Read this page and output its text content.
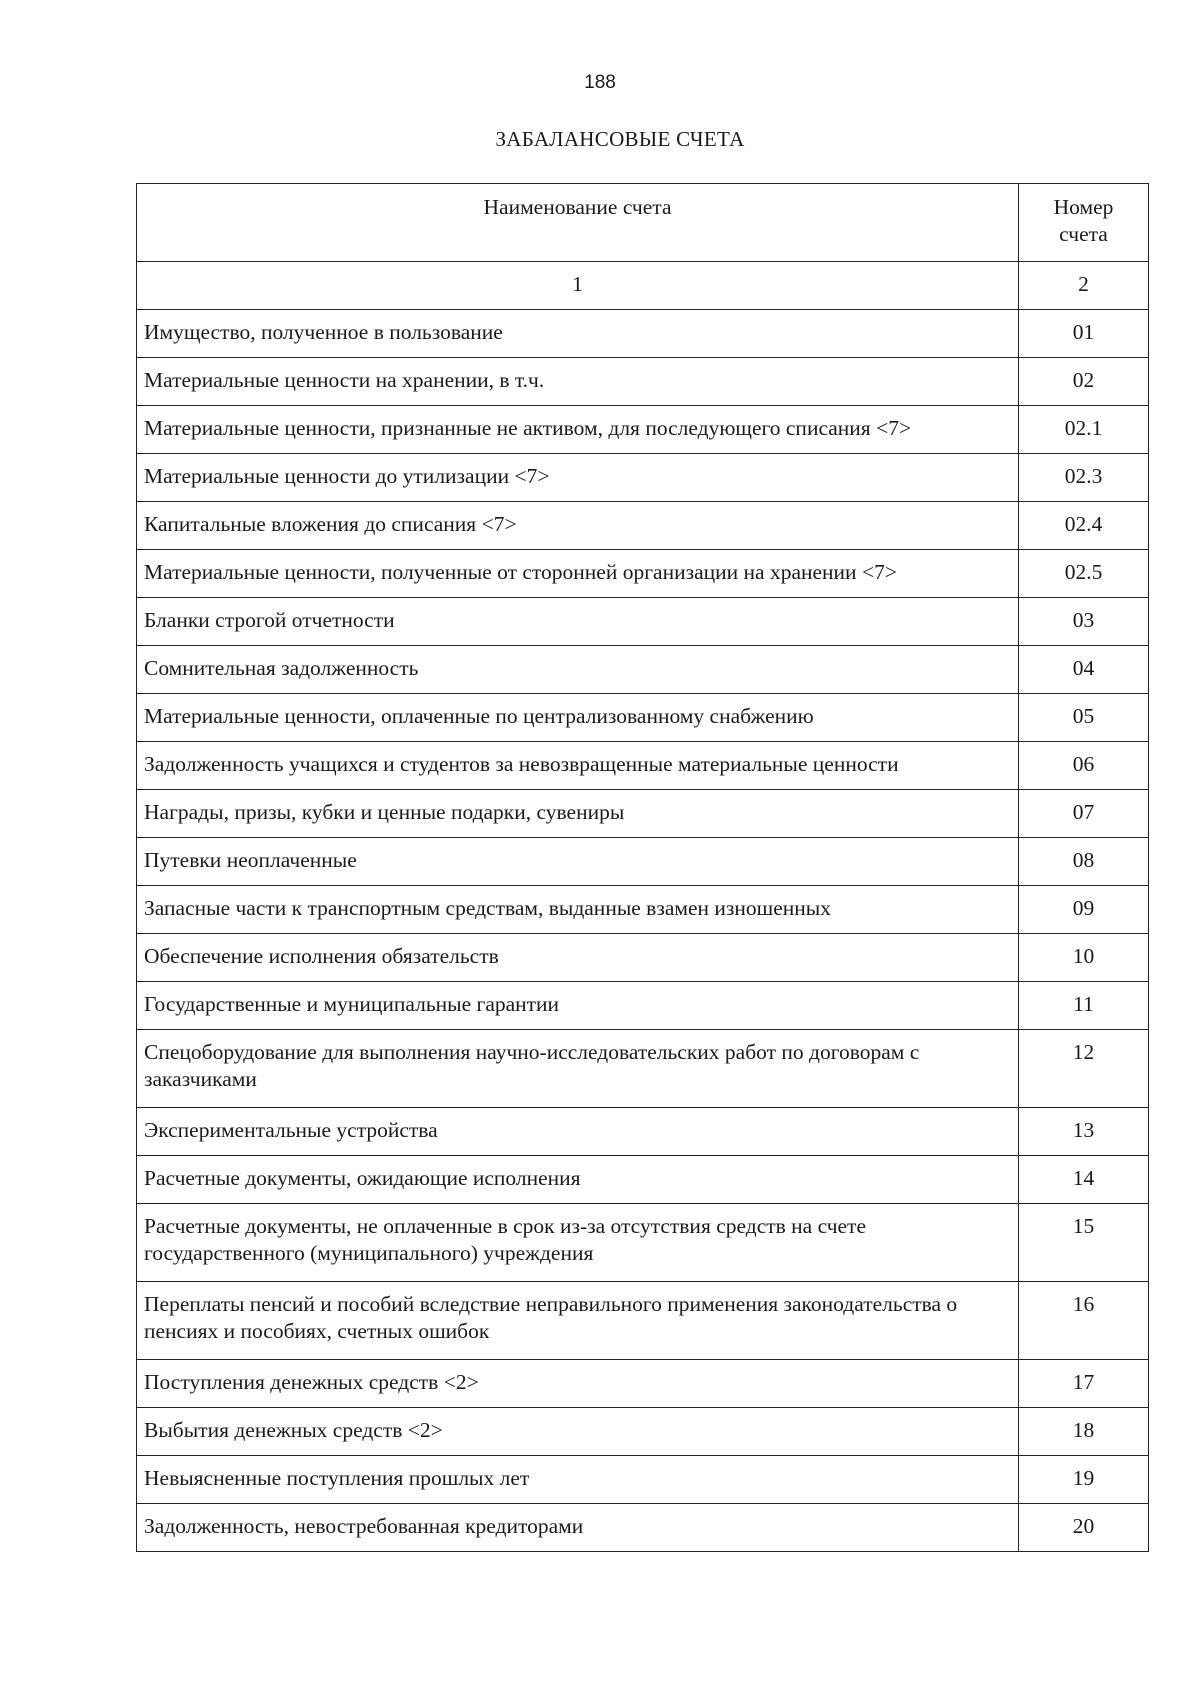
188
ЗАБАЛАНСОВЫЕ СЧЕТА
Наименование счета	Номер
счета

1	2
Имущество, полученное в пользование	01
Материальные ценности на хранении, в т.ч.	02
Материальные ценности, признанные не активом, для последующего списания <7>	02.1
Материальные ценности до утилизации <7>	02.3
Капитальные вложения до списания <7>	02.4
Материальные ценности, полученные от сторонней организации на хранении <7>	02.5
Бланки строгой отчетности	03
Сомнительная задолженность	04
Материальные ценности, оплаченные по централизованному снабжению	05
Задолженность учащихся и студентов за невозвращенные материальные ценности	06
Награды, призы, кубки и ценные подарки, сувениры	07
Путевки неоплаченные	08
Запасные части к транспортным средствам, выданные взамен изношенных	09
Обеспечение исполнения обязательств	10
Государственные и муниципальные гарантии	11
Спецоборудование для выполнения научно-исследовательских работ по договорам с заказчиками	12
Экспериментальные устройства	13
Расчетные документы, ожидающие исполнения	14
Расчетные документы, не оплаченные в срок из-за отсутствия средств на счете государственного (муниципального) учреждения	15
Переплаты пенсий и пособий вследствие неправильного применения законодательства о пенсиях и пособиях, счетных ошибок	16
Поступления денежных средств <2>	17
Выбытия денежных средств <2>	18
Невыясненные поступления прошлых лет	19
Задолженность, невостребованная кредиторами	20
